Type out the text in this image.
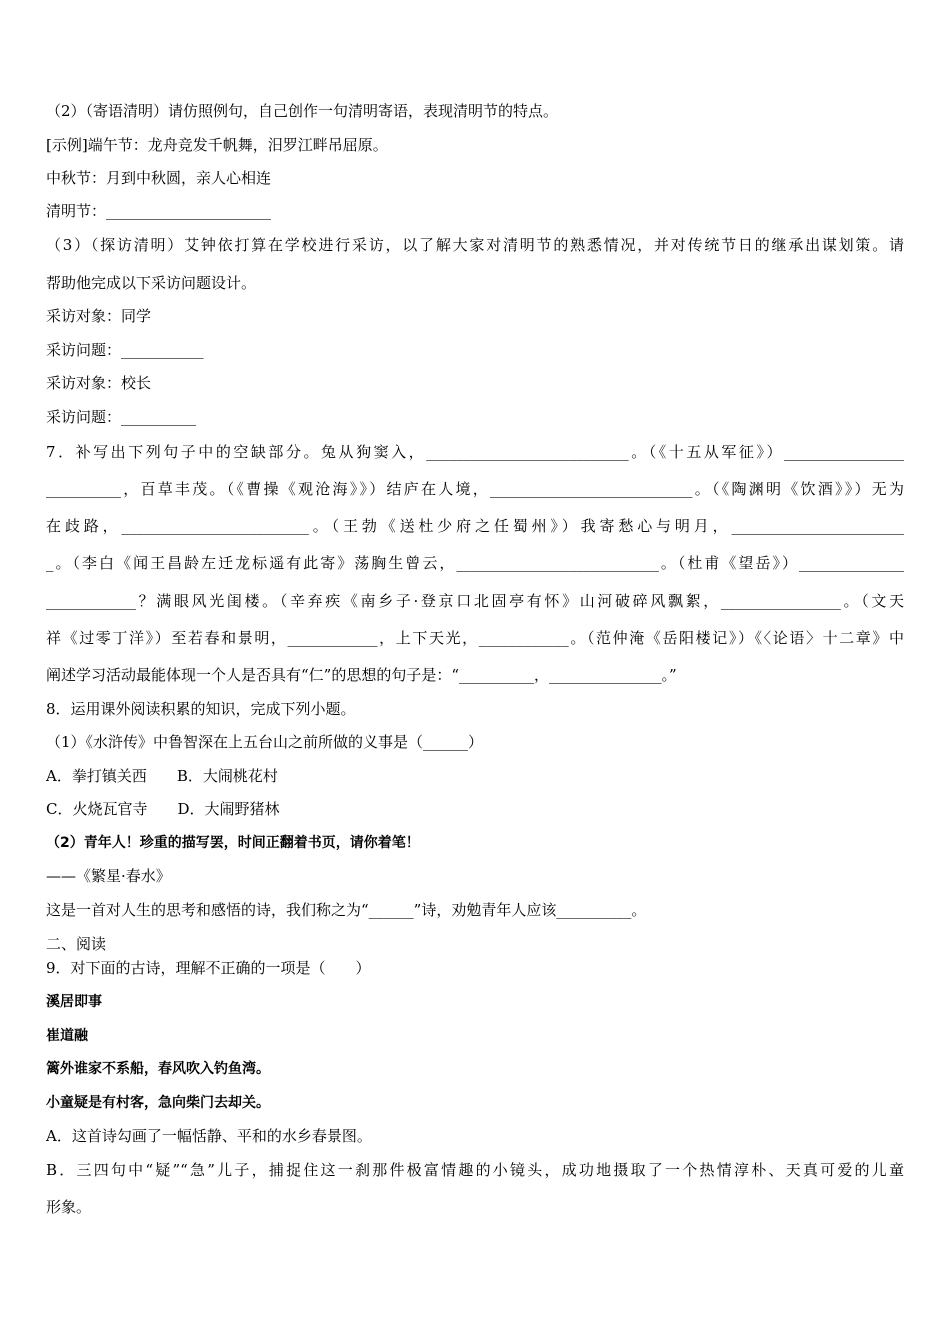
（2）（寄语清明）请仿照例句，自己创作一句清明寄语，表现清明节的特点。
[示例]端午节：龙舟竞发千帆舞，汨罗江畔吊屈原。
中秋节：月到中秋圆，亲人心相连
清明节：______________________
（3）（探访清明）艾钟依打算在学校进行采访，以了解大家对清明节的熟悉情况，并对传统节日的继承出谋划策。请
帮助他完成以下采访问题设计。
采访对象：同学
采访问题：___________
采访对象：校长
采访问题：__________
7．补写出下列句子中的空缺部分。兔从狗窦入，___________________________。（《十五从军征》）________________
__________，百草丰茂。（《曹操《观沧海》》）结庐在人境，___________________________。（《陶渊明《饮酒》》）无为
在歧路，_________________________。（王勃《送杜少府之任蜀州》）我寄愁心与明月，_______________________
_。（李白《闻王昌龄左迁龙标遥有此寄》荡胸生曾云，___________________________。（杜甫《望岳》）______________
____________？满眼风光闺楼。（辛弃疾《南乡子·登京口北固亭有怀》山河破碎风飘絮，________________。（文天
祥《过零丁洋》）至若春和景明，____________，上下天光，____________。（范仲淹《岳阳楼记》）《〈论语〉十二章》中
阐述学习活动最能体现一个人是否具有“仁”的思想的句子是：“__________，_______________。”
8．运用课外阅读积累的知识，完成下列小题。
（1）《水浒传》中鲁智深在上五台山之前所做的义事是（______）
A．拳打镇关西　　B．大闹桃花村
C．火烧瓦官寺　　D．大闹野猪林
（2）青年人！珍重的描写罢，时间正翻着书页，请你着笔！
——《繁星·春水》
这是一首对人生的思考和感悟的诗，我们称之为“______”诗，劝勉青年人应该__________。
二、阅读
9．对下面的古诗，理解不正确的一项是（　　）
溪居即事
崔道融
篱外谁家不系船，春风吹入钓鱼湾。
小童疑是有村客，急向柴门去却关。
A．这首诗勾画了一幅恬静、平和的水乡春景图。
B．三四句中“疑”“急”儿子，捕捉住这一刹那件极富情趣的小镜头，成功地摄取了一个热情淳朴、天真可爱的儿童
形象。
